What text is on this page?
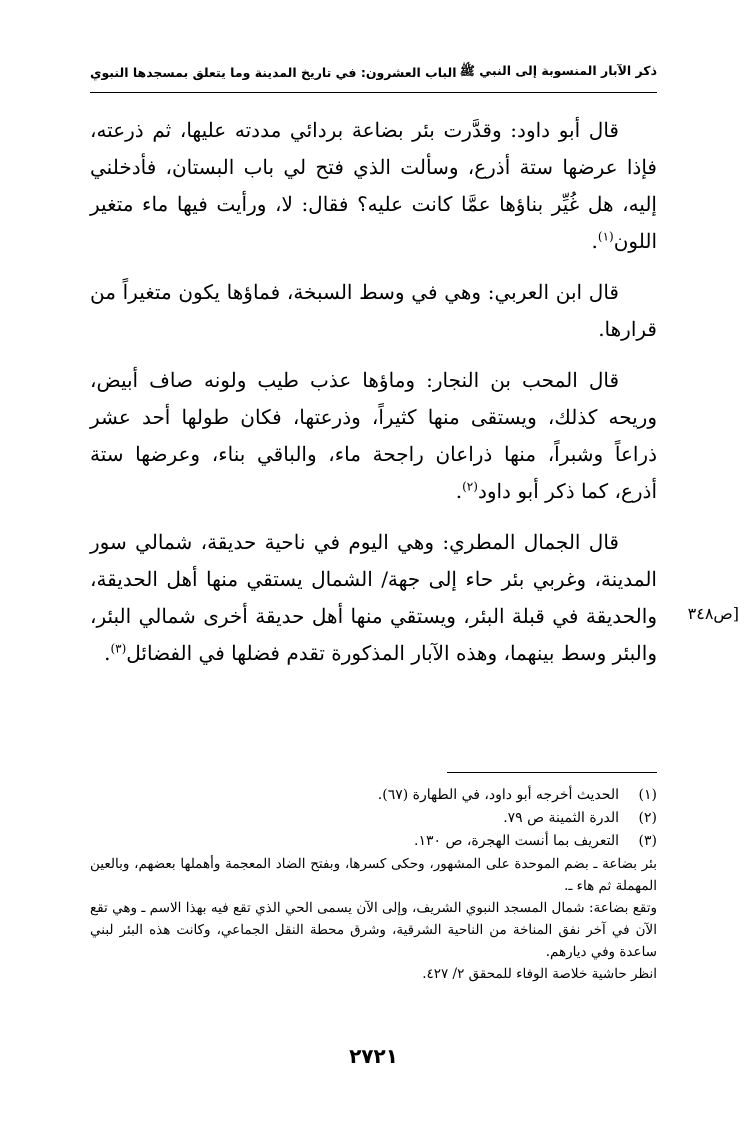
ذكر الآبار المنسوبة إلى النبي ﷺ
الباب العشرون: في تاريخ المدينة وما يتعلق بمسجدها النبوي

قال أبو داود: وقدَّرت بئر بضاعة بردائي مددته عليها، ثم ذرعته، فإذا عرضها ستة أذرع، وسألت الذي فتح لي باب البستان، فأدخلني إليه، هل غُيِّر بناؤها عمَّا كانت عليه؟ فقال: لا، ورأيت فيها ماء متغير اللون$^{(١)}$.

قال ابن العربي: وهي في وسط السبخة، فماؤها يكون متغيراً من قرارها.

قال المحب بن النجار: وماؤها عذب طيب ولونه صاف أبيض، وريحه كذلك، ويستقى منها كثيراً، وذرعتها، فكان طولها أحد عشر ذراعاً وشبراً، منها ذراعان راجحة ماء، والباقي بناء، وعرضها ستة أذرع، كما ذكر أبو داود$^{(٢)}$.

قال الجمال المطري: وهي اليوم في ناحية حديقة، شمالي سور المدينة، وغربي بئر حاء إلى جهة/ الشمال يستقي منها أهل الحديقة، والحديقة في قبلة البئر، ويستقي منها أهل حديقة أخرى شمالي البئر، والبئر وسط بينهما، وهذه الآبار المذكورة تقدم فضلها في الفضائل$^{(٣)}$.

[ص٣٤٨
(١)
الحديث أخرجه أبو داود، في الطهارة (٦٧).
(٢)
الدرة الثمينة ص ٧٩.
(٣)
التعريف بما أنست الهجرة، ص ١٣٠.
بئر بضاعة ـ بضم الموحدة على المشهور، وحكى كسرها، وبفتح الضاد المعجمة وأهملها بعضهم، وبالعين المهملة ثم هاء ـ.
وتقع بضاعة: شمال المسجد النبوي الشريف، وإلى الآن يسمى الحي الذي تقع فيه بهذا الاسم ـ وهي تقع الآن في آخر نفق المناخة من الناحية الشرقية، وشرق محطة النقل الجماعي، وكانت هذه البئر لبني ساعدة وفي ديارهم.
انظر حاشية خلاصة الوفاء للمحقق ٢/ ٤٢٧.
٢٧٢١
